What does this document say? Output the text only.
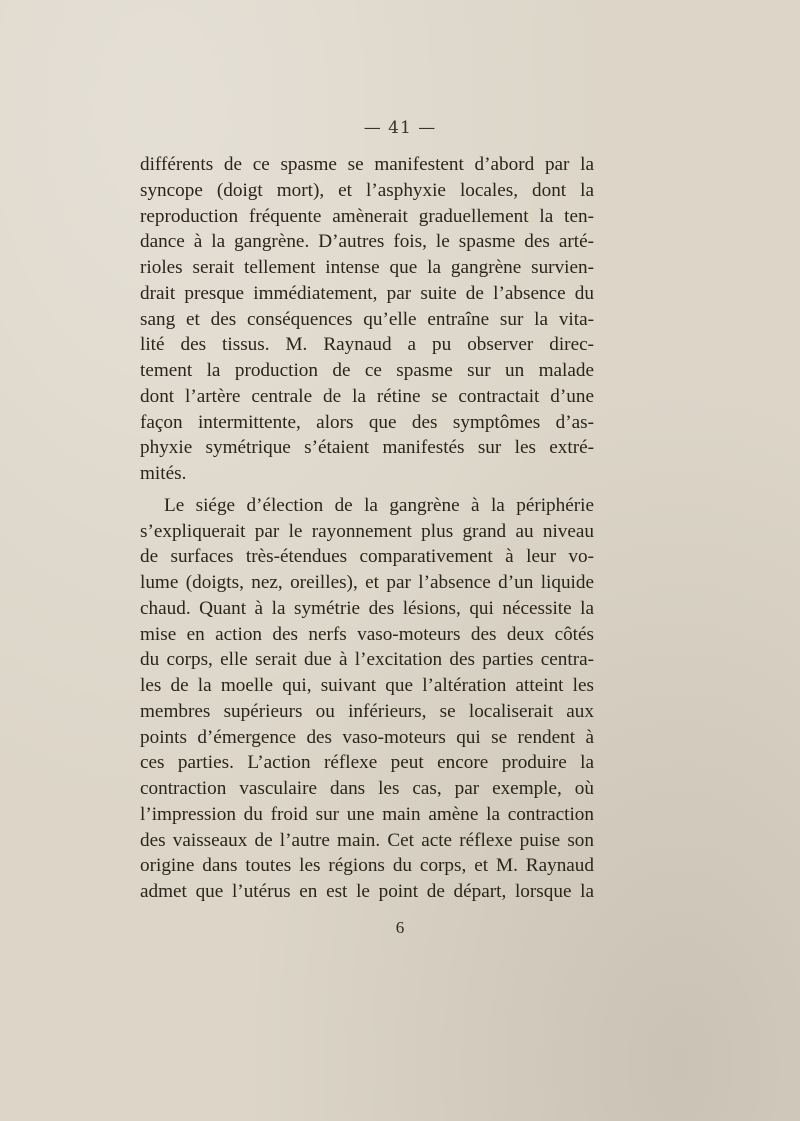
— 41 —
différents de ce spasme se manifestent d’abord par la
syncope (doigt mort), et l’asphyxie locales, dont la
reproduction fréquente amènerait graduellement la ten-
dance à la gangrène. D’autres fois, le spasme des arté-
rioles serait tellement intense que la gangrène survien-
drait presque immédiatement, par suite de l’absence du
sang et des conséquences qu’elle entraîne sur la vita-
lité des tissus. M. Raynaud a pu observer direc-
tement la production de ce spasme sur un malade
dont l’artère centrale de la rétine se contractait d’une
façon intermittente, alors que des symptômes d’as-
phyxie symétrique s’étaient manifestés sur les extré-
mités.
Le siége d’élection de la gangrène à la périphérie
s’expliquerait par le rayonnement plus grand au niveau
de surfaces très-étendues comparativement à leur vo-
lume (doigts, nez, oreilles), et par l’absence d’un liquide
chaud. Quant à la symétrie des lésions, qui nécessite la
mise en action des nerfs vaso-moteurs des deux côtés
du corps, elle serait due à l’excitation des parties centra-
les de la moelle qui, suivant que l’altération atteint les
membres supérieurs ou inférieurs, se localiserait aux
points d’émergence des vaso-moteurs qui se rendent à
ces parties. L’action réflexe peut encore produire la
contraction vasculaire dans les cas, par exemple, où
l’impression du froid sur une main amène la contraction
des vaisseaux de l’autre main. Cet acte réflexe puise son
origine dans toutes les régions du corps, et M. Raynaud
admet que l’utérus en est le point de départ, lorsque la
6
